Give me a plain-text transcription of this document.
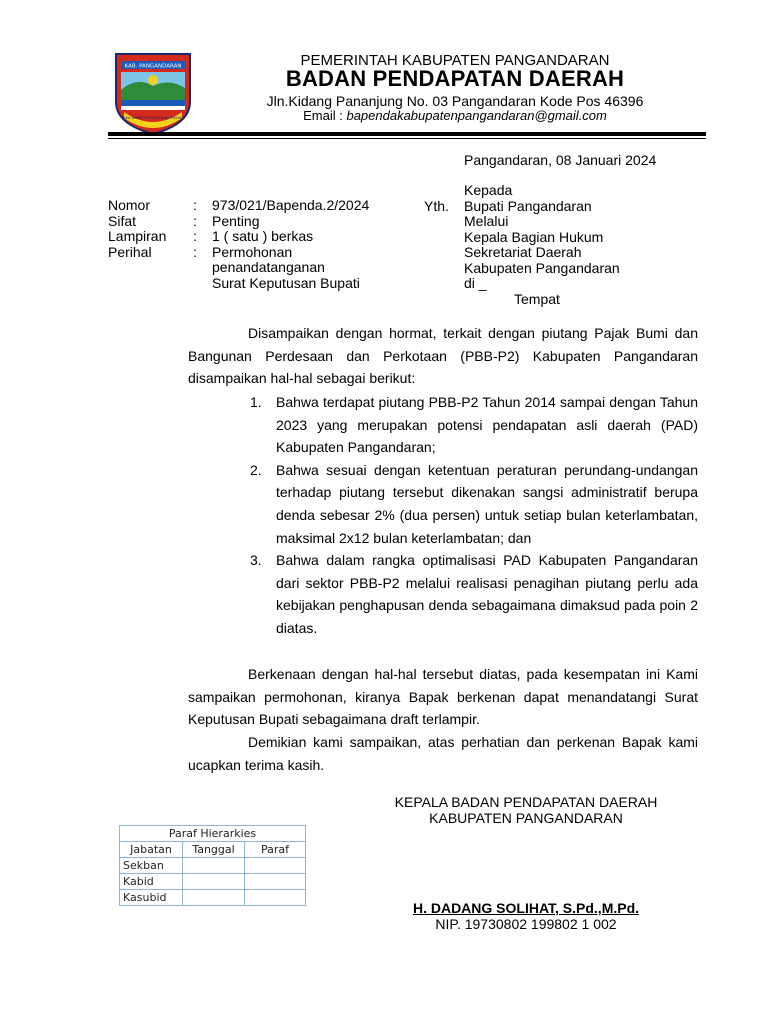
KAB. PANGANDARAN
PAKA BAREGA MAKNANNIS PUSAKA
PEMERINTAH KABUPATEN PANGANDARAN
BADAN PENDAPATAN DAERAH
Jln.Kidang Pananjung No. 03 Pangandaran Kode Pos 46396
Email : bapendakabupatenpangandaran@gmail.com
Pangandaran, 08 Januari 2024
Nomor	: 973/021/Bapenda.2/2024
Sifat	: Penting
Lampiran : 1 ( satu ) berkas
Perihal	: Permohonan
penandatanganan
Surat Keputusan Bupati
Yth.
Kepada
Bupati Pangandaran
Melalui
Kepala Bagian Hukum
Sekretariat Daerah
Kabupaten Pangandaran
di _
Tempat
Disampaikan dengan hormat, terkait dengan piutang Pajak Bumi dan Bangunan Perdesaan dan Perkotaan (PBB-P2) Kabupaten Pangandaran disampaikan hal-hal sebagai berikut:
1. Bahwa terdapat piutang PBB-P2 Tahun 2014 sampai dengan Tahun 2023 yang merupakan potensi pendapatan asli daerah (PAD) Kabupaten Pangandaran;
2. Bahwa sesuai dengan ketentuan peraturan perundang-undangan terhadap piutang tersebut dikenakan sangsi administratif berupa denda sebesar 2% (dua persen) untuk setiap bulan keterlambatan, maksimal 2x12 bulan keterlambatan; dan
3. Bahwa dalam rangka optimalisasi PAD Kabupaten Pangandaran dari sektor PBB-P2 melalui realisasi penagihan piutang perlu ada kebijakan penghapusan denda sebagaimana dimaksud pada poin 2 diatas.
Berkenaan dengan hal-hal tersebut diatas, pada kesempatan ini Kami sampaikan permohonan, kiranya Bapak berkenan dapat menandatangi Surat Keputusan Bupati sebagaimana draft terlampir.
Demikian kami sampaikan, atas perhatian dan perkenan Bapak kami ucapkan terima kasih.
KEPALA BADAN PENDAPATAN DAERAH
KABUPATEN PANGANDARAN
H. DADANG SOLIHAT, S.Pd.,M.Pd.
NIP. 19730802 199802 1 002
Paraf Hierarkies		
Jabatan	Tanggal	Paraf
Sekban		
Kabid		
Kasubid		
